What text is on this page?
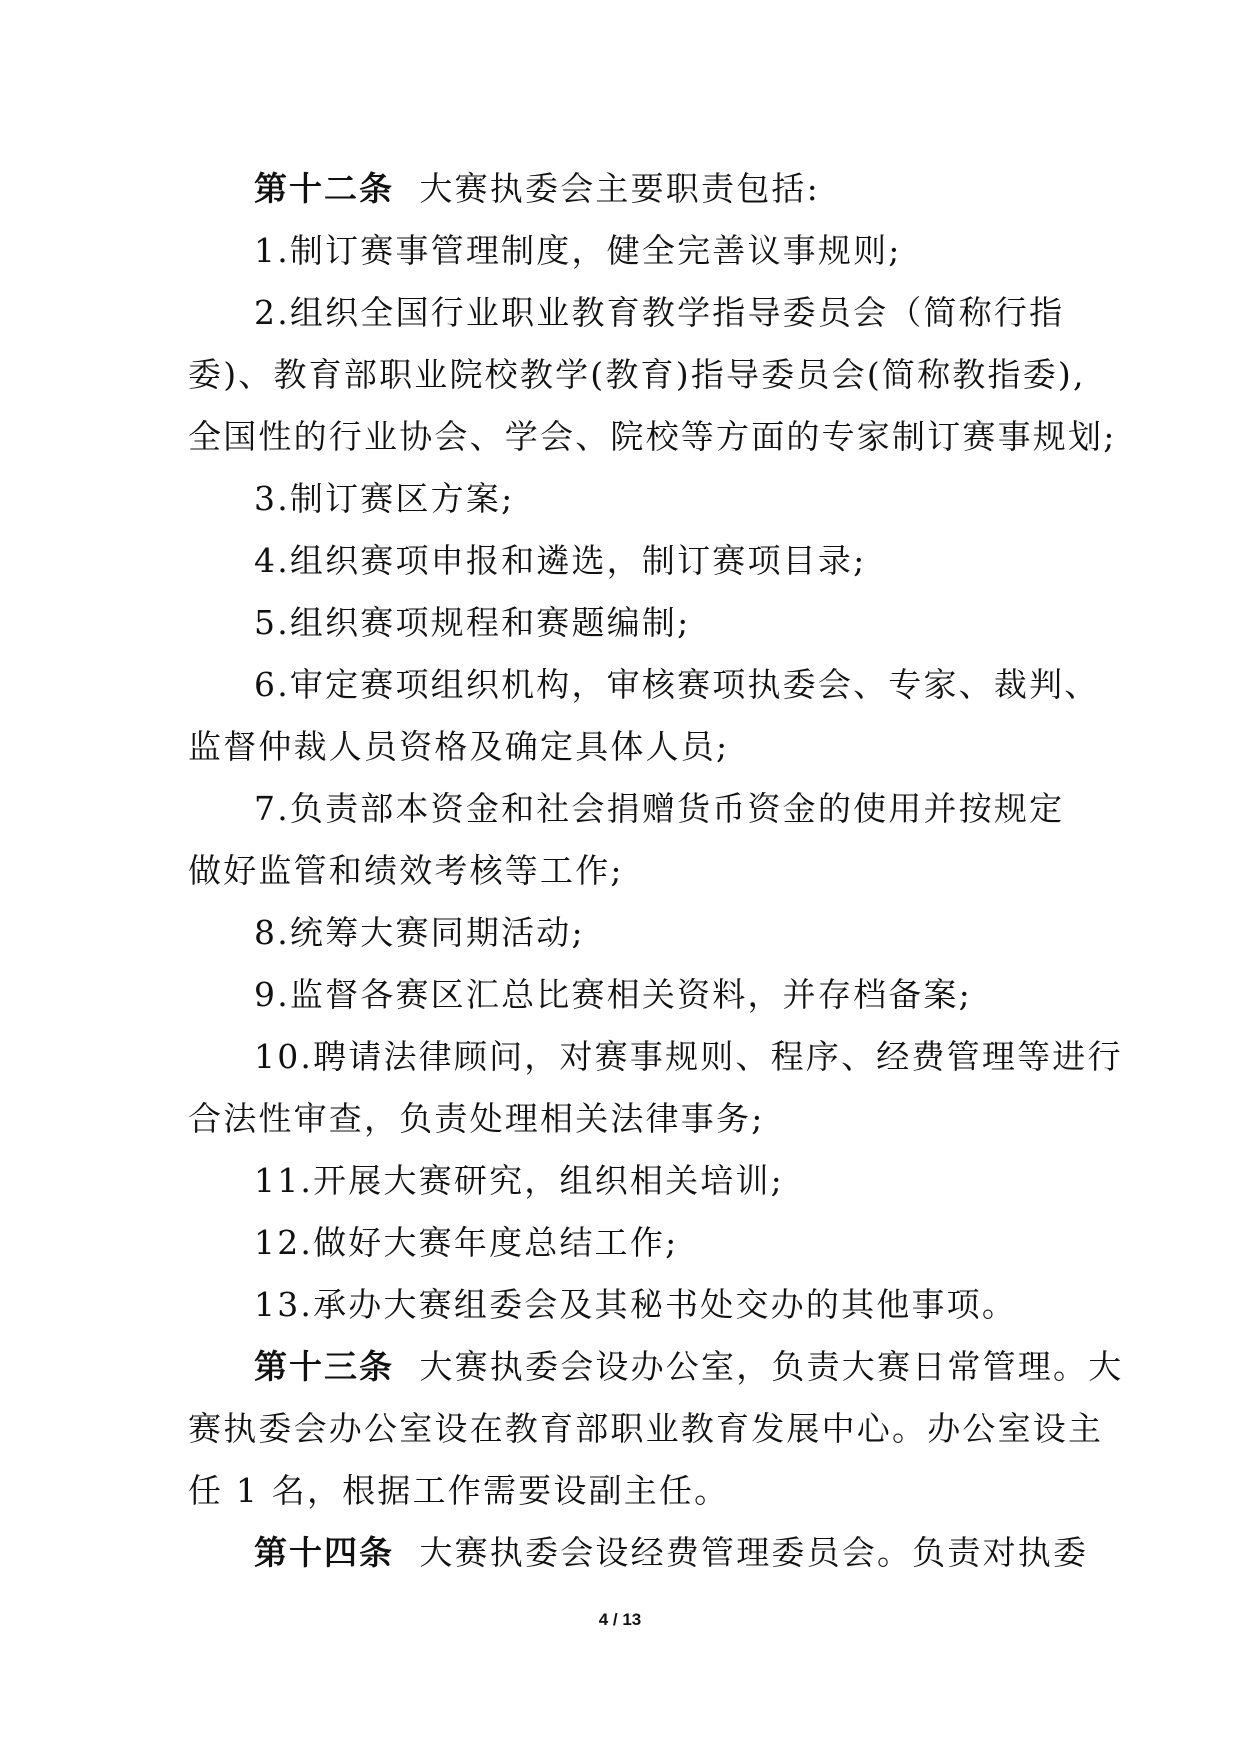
第十二条 大赛执委会主要职责包括:
1.制订赛事管理制度，健全完善议事规则;
2.组织全国行业职业教育教学指导委员会（简称行指
委)、教育部职业院校教学(教育)指导委员会(简称教指委),
全国性的行业协会、学会、院校等方面的专家制订赛事规划;
3.制订赛区方案;
4.组织赛项申报和遴选，制订赛项目录;
5.组织赛项规程和赛题编制;
6.审定赛项组织机构，审核赛项执委会、专家、裁判、
监督仲裁人员资格及确定具体人员;
7.负责部本资金和社会捐赠货币资金的使用并按规定
做好监管和绩效考核等工作;
8.统筹大赛同期活动;
9.监督各赛区汇总比赛相关资料，并存档备案;
10.聘请法律顾问，对赛事规则、程序、经费管理等进行
合法性审查，负责处理相关法律事务;
11.开展大赛研究，组织相关培训;
12.做好大赛年度总结工作;
13.承办大赛组委会及其秘书处交办的其他事项。
第十三条 大赛执委会设办公室，负责大赛日常管理。大
赛执委会办公室设在教育部职业教育发展中心。办公室设主
任 1 名，根据工作需要设副主任。
第十四条 大赛执委会设经费管理委员会。负责对执委
4 / 13
